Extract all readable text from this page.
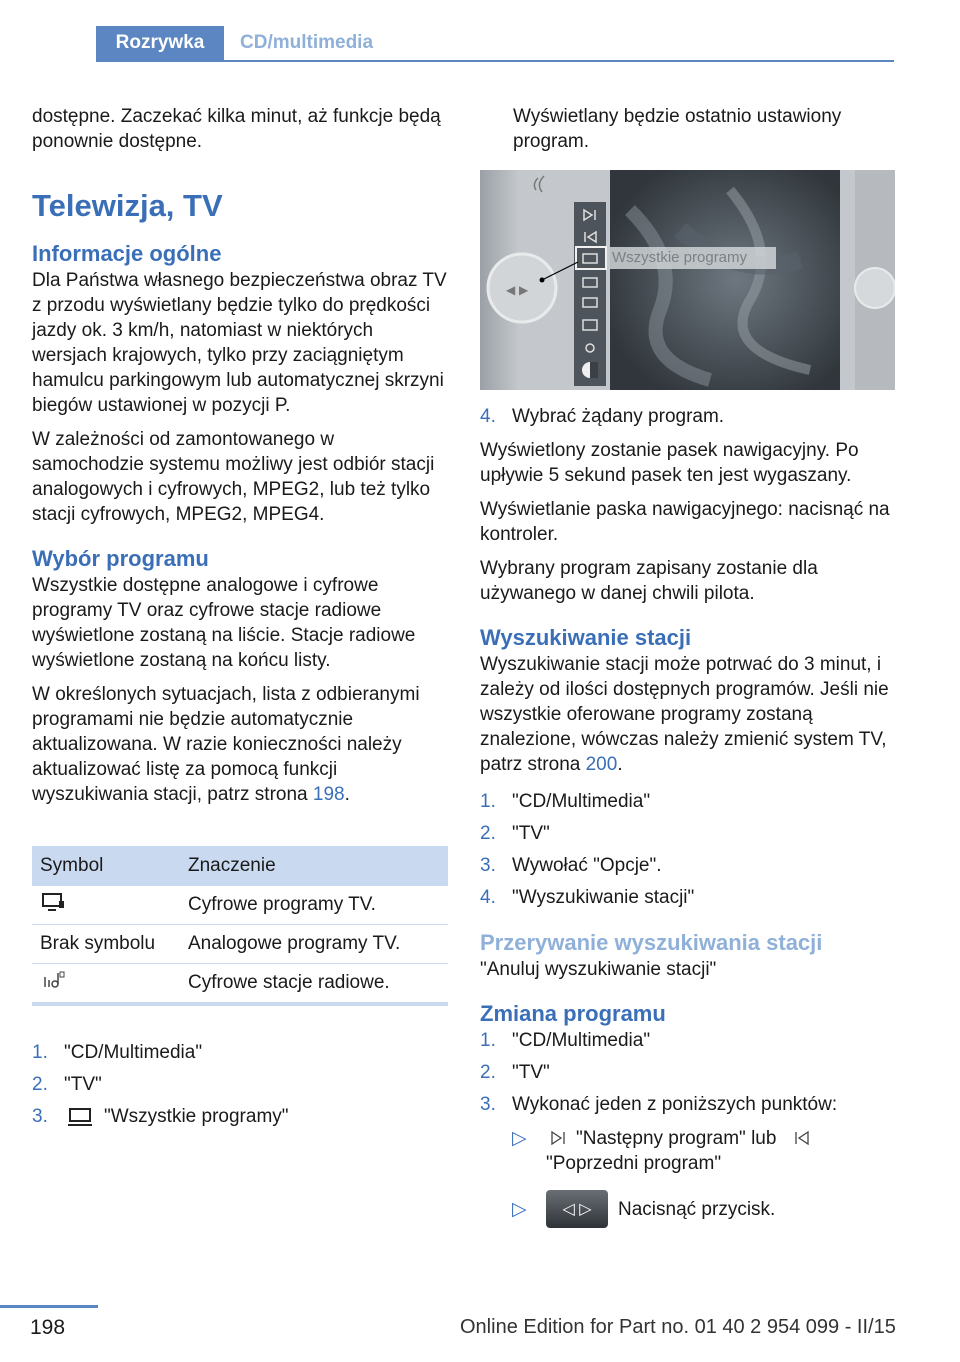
Rozrywka	CD/multimedia

dostępne. Zaczekać kilka minut, aż funkcje będą ponownie dostępne.

Telewizja, TV
Informacje ogólne

Dla Państwa własnego bezpieczeństwa obraz TV z przodu wyświetlany będzie tylko do prędkości jazdy ok. 3 km/h, natomiast w niektórych wersjach krajowych, tylko przy zaciągniętym hamulcu parkingowym lub automatycznej skrzyni biegów ustawionej w pozycji P.

W zależności od zamontowanego w samochodzie systemu możliwy jest odbiór stacji analogowych i cyfrowych, MPEG2, lub też tylko stacji cyfrowych, MPEG2, MPEG4.

Wybór programu

Wszystkie dostępne analogowe i cyfrowe programy TV oraz cyfrowe stacje radiowe wyświetlone zostaną na liście. Stacje radiowe wyświetlone zostaną na końcu listy.

W określonych sytuacjach, lista z odbieranymi programami nie będzie automatycznie aktualizowana. W razie konieczności należy aktualizować listę za pomocą funkcji wyszukiwania stacji, patrz strona 198.

Symbol	Znaczenie
	Cyfrowe programy TV.
Brak symbolu	Analogowe programy TV.
	Cyfrowe stacje radiowe.
1. "CD/Multimedia"
2. "TV"
3.	"Wszystkie programy"
Wyświetlany będzie ostatnio ustawiony program.
◀ ▶
Wszystkie programy
4. Wybrać żądany program.

Wyświetlony zostanie pasek nawigacyjny. Po upływie 5 sekund pasek ten jest wygaszany.

Wyświetlanie paska nawigacyjnego: nacisnąć na kontroler.

Wybrany program zapisany zostanie dla używanego w danej chwili pilota.

Wyszukiwanie stacji

Wyszukiwanie stacji może potrwać do 3 minut, i zależy od ilości dostępnych programów. Jeśli nie wszystkie oferowane programy zostaną znalezione, wówczas należy zmienić system TV, patrz strona 200.

1. "CD/Multimedia"
2. "TV"
3. Wywołać "Opcje".
4. "Wyszukiwanie stacji"
Przerywanie wyszukiwania stacji

"Anuluj wyszukiwanie stacji"

Zmiana programu
1. "CD/Multimedia"
2. "TV"
3. Wykonać jeden z poniższych punktów:
▷	"Następny program" lub
"Poprzedni program"
▷	◁ ▷	Nacisnąć przycisk.
198	Online Edition for Part no. 01 40 2 954 099 - II/15
